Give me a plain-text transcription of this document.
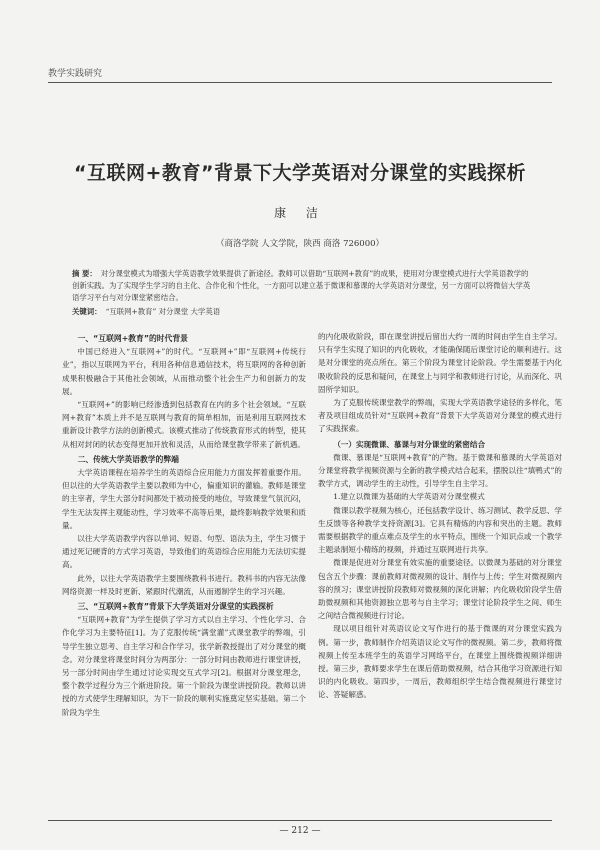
教学实践研究
“互联网+教育”背景下大学英语对分课堂的实践探析
康 洁
（商洛学院 人文学院，陕西 商洛 726000）
摘 要： 对分课堂模式为增强大学英语教学效果提供了新途径。教师可以借助“互联网+教育”的成果，使用对分课堂模式进行大学英语教学的创新实践。为了实现学生学习的自主化、合作化和个性化，一方面可以建立基于微课和慕课的大学英语对分课堂，另一方面可以将微信大学英语学习平台与对分课堂紧密结合。
关键词： “互联网+教育” 对分课堂 大学英语
一、“互联网+教育”的时代背景

中国已经进入“互联网+”的时代。“互联网+”即“互联网+传统行业”，指以互联网为平台，利用各种信息通信技术，将互联网的各种创新成果积极融合于其他社会领域，从而推动整个社会生产力和创新力的发展。

“互联网+”的影响已经渗透到包括教育在内的多个社会领域。“互联网+教育”本质上并不是互联网与教育的简单相加，而是利用互联网技术重新设计教学方法的创新模式。该模式推动了传统教育形式的转型，使其从相对封闭的状态变得更加开放和灵活，从而给课堂教学带来了新机遇。

二、传统大学英语教学的弊端

大学英语课程在培养学生的英语综合应用能力方面发挥着重要作用。但以往的大学英语教学主要以教师为中心，偏重知识的灌输。教师是课堂的主宰者，学生大部分时间都处于被动接受的地位，导致课堂气氛沉闷，学生无法发挥主观能动性，学习效率不高等后果，最终影响教学效果和质量。

以往大学英语教学内容以单词、短语、句型、语法为主，学生习惯于通过死记硬背的方式学习英语，导致他们的英语综合应用能力无法切实提高。

此外，以往大学英语教学主要围绕教科书进行。教科书的内容无法像网络资源一样及时更新、紧跟时代潮流，从而遏制学生的学习兴趣。

三、“互联网+教育”背景下大学英语对分课堂的实践探析

“互联网+教育”为学生提供了学习方式以自主学习、个性化学习、合作化学习为主要特征[1]。为了克服传统“满堂灌”式课堂教学的弊端，引导学生独立思考、自主学习和合作学习，张学新教授提出了对分课堂的概念。对分课堂将课堂时间分为两部分：一部分时间由教师进行课堂讲授，另一部分时间由学生通过讨论实现交互式学习[2]。根据对分课堂理念，整个教学过程分为三个渐进阶段。第一个阶段为课堂讲授阶段。教师以讲授的方式使学生理解知识，为下一阶段的顺利实施奠定坚实基础。第二个阶段为学生

的内化吸收阶段，即在课堂讲授后留出大约一周的时间由学生自主学习。只有学生实现了知识的内化吸收，才能确保随后课堂讨论的顺利进行。这是对分课堂的亮点所在。第三个阶段为课堂讨论阶段。学生需要基于内化吸收阶段的反思和疑问，在课堂上与同学和教师进行讨论，从而深化、巩固所学知识。

为了克服传统课堂教学的弊端，实现大学英语教学途径的多样化，笔者及项目组成员针对“互联网+教育”背景下大学英语对分课堂的模式进行了实践探索。

（一）实现微课、慕课与对分课堂的紧密结合

微课、慕课是“互联网+教育”的产物。基于微课和慕课的大学英语对分课堂将教学视频资源与全新的教学模式结合起来，摆脱以往“填鸭式”的教学方式，调动学生的主动性，引导学生自主学习。

1.建立以微课为基础的大学英语对分课堂模式

微课以教学视频为核心，还包括教学设计、练习测试、教学反思、学生反馈等各种教学支持资源[3]。它具有精炼的内容和突出的主题。教师需要根据教学的重点难点及学生的水平特点，围绕一个知识点或一个教学主题录制短小精练的视频，并通过互联网进行共享。

微课是促进对分课堂有效实施的重要途径。以微课为基础的对分课堂包含五个步骤：课前教师对微视频的设计、制作与上传；学生对微视频内容的预习；课堂讲授阶段教师对微视频的深化讲解；内化吸收阶段学生借助微视频和其他资源独立思考与自主学习；课堂讨论阶段学生之间、师生之间结合微视频进行讨论。

现以项目组针对英语议论文写作进行的基于微课的对分课堂实践为例。第一步，教师制作介绍英语议论文写作的微视频。第二步，教师将微视频上传至本班学生的英语学习网络平台，在课堂上围绕微视频详细讲授。第三步，教师要求学生在课后借助微视频，结合其他学习资源进行知识的内化吸收。第四步，一周后，教师组织学生结合微视频进行课堂讨论、答疑解惑。

— 212 —
